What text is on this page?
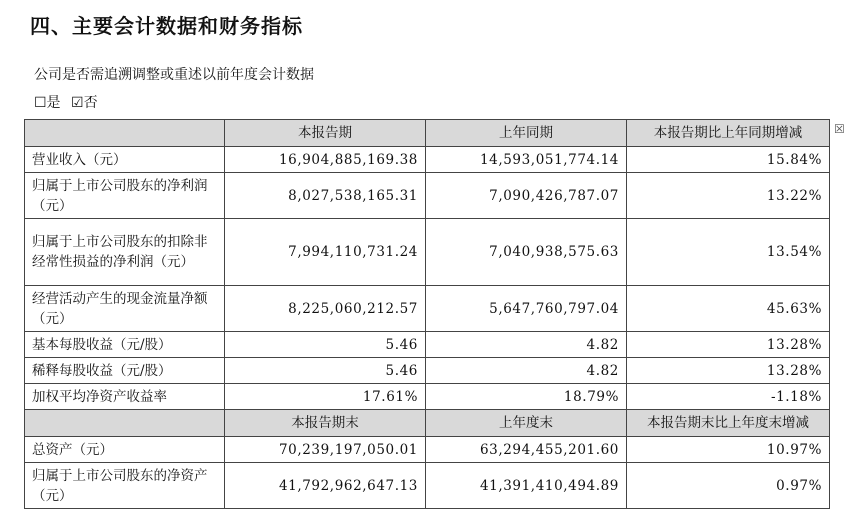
四、主要会计数据和财务指标
公司是否需追溯调整或重述以前年度会计数据
☐是 ☑否
☒
	本报告期	上年同期	本报告期比上年同期增减
营业收入（元）	16,904,885,169.38	14,593,051,774.14	15.84%
归属于上市公司股东的净利润（元）	8,027,538,165.31	7,090,426,787.07	13.22%
归属于上市公司股东的扣除非经常性损益的净利润（元）	7,994,110,731.24	7,040,938,575.63	13.54%
经营活动产生的现金流量净额（元）	8,225,060,212.57	5,647,760,797.04	45.63%
基本每股收益（元/股）	5.46	4.82	13.28%
稀释每股收益（元/股）	5.46	4.82	13.28%
加权平均净资产收益率	17.61%	18.79%	-1.18%
	本报告期末	上年度末	本报告期末比上年度末增减
总资产（元）	70,239,197,050.01	63,294,455,201.60	10.97%
归属于上市公司股东的净资产（元）	41,792,962,647.13	41,391,410,494.89	0.97%
